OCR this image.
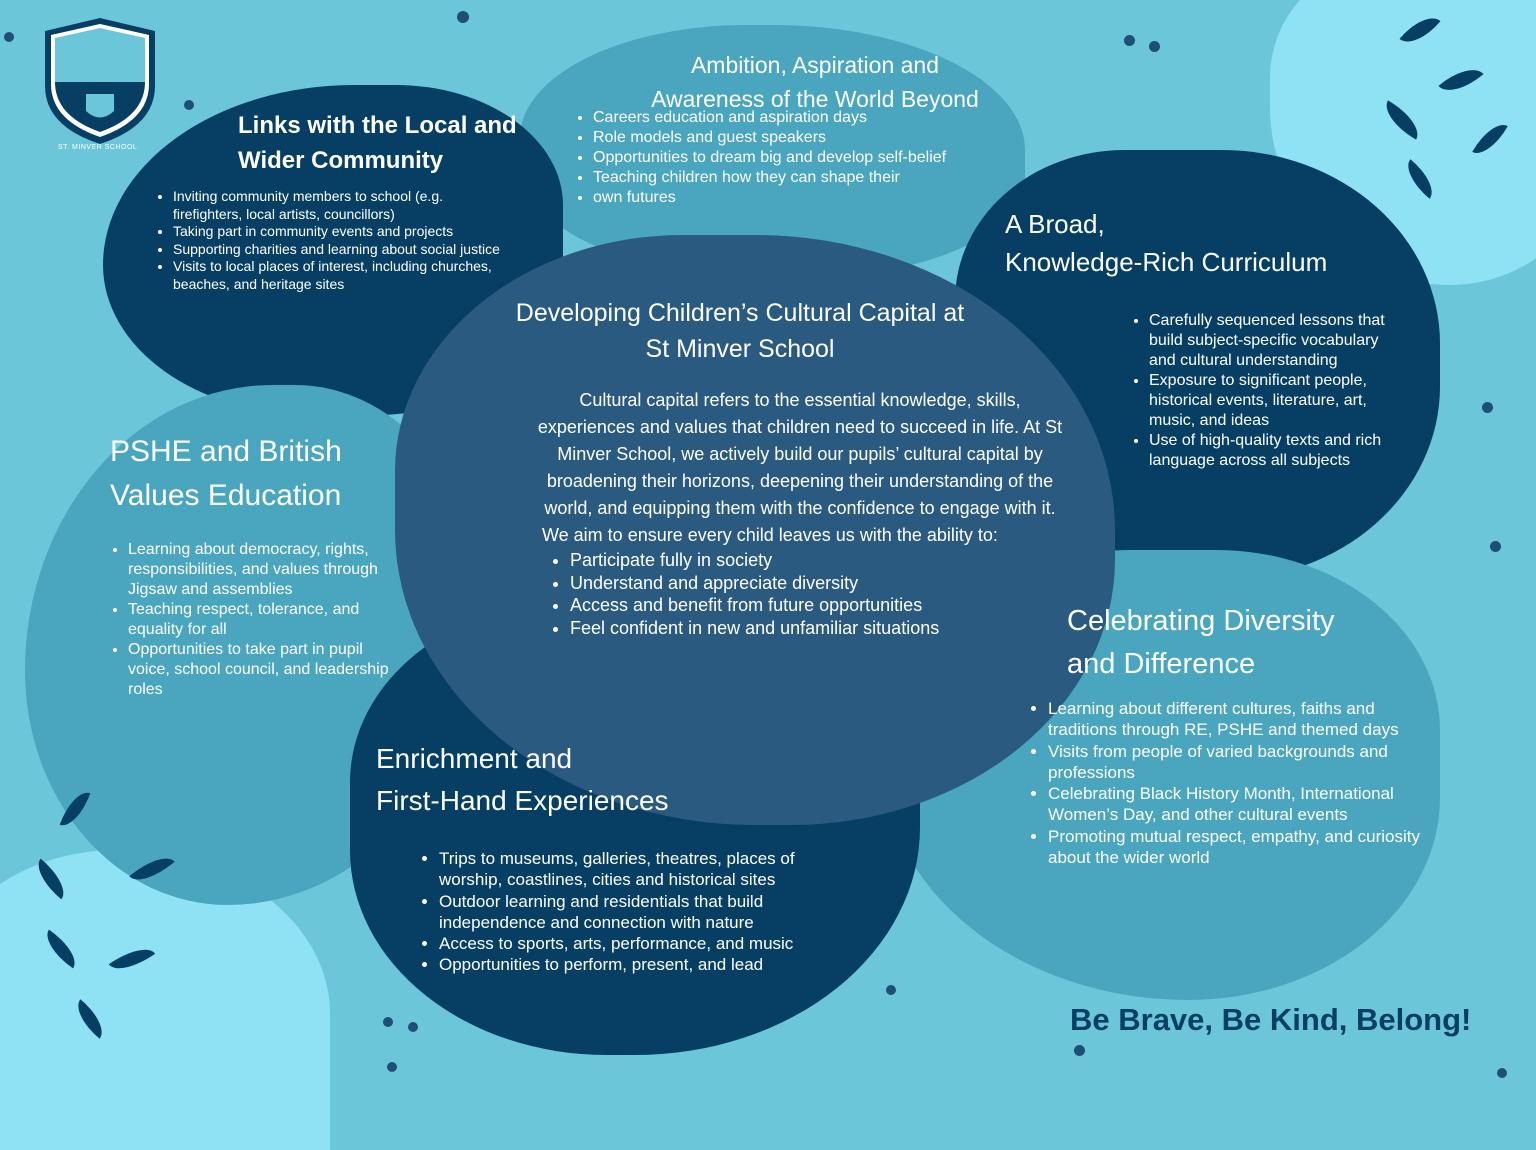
ST. MINVER SCHOOL
Links with the Local and
Wider Community
• Inviting community members to school (e.g. firefighters, local artists, councillors)
• Taking part in community events and projects
• Supporting charities and learning about social justice
• Visits to local places of interest, including churches, beaches, and heritage sites
Ambition, Aspiration and
Awareness of the World Beyond
• Careers education and aspiration days
• Role models and guest speakers
• Opportunities to dream big and develop self-belief
• Teaching children how they can shape their
• own futures
A Broad,
Knowledge-Rich Curriculum
• Carefully sequenced lessons that build subject-specific vocabulary and cultural understanding
• Exposure to significant people, historical events, literature, art, music, and ideas
• Use of high-quality texts and rich language across all subjects
Developing Children’s Cultural Capital at
St Minver School

Cultural capital refers to the essential knowledge, skills, experiences and values that children need to succeed in life. At St Minver School, we actively build our pupils’ cultural capital by broadening their horizons, deepening their understanding of the world, and equipping them with the confidence to engage with it.

We aim to ensure every child leaves us with the ability to:

• Participate fully in society
• Understand and appreciate diversity
• Access and benefit from future opportunities
• Feel confident in new and unfamiliar situations
PSHE and British
Values Education
• Learning about democracy, rights, responsibilities, and values through Jigsaw and assemblies
• Teaching respect, tolerance, and equality for all
• Opportunities to take part in pupil voice, school council, and leadership roles
Enrichment and
First-Hand Experiences
• Trips to museums, galleries, theatres, places of worship, coastlines, cities and historical sites
• Outdoor learning and residentials that build independence and connection with nature
• Access to sports, arts, performance, and music
• Opportunities to perform, present, and lead
Celebrating Diversity
and Difference
• Learning about different cultures, faiths and traditions through RE, PSHE and themed days
• Visits from people of varied backgrounds and professions
• Celebrating Black History Month, International Women’s Day, and other cultural events
• Promoting mutual respect, empathy, and curiosity about the wider world
Be Brave, Be Kind, Belong!
